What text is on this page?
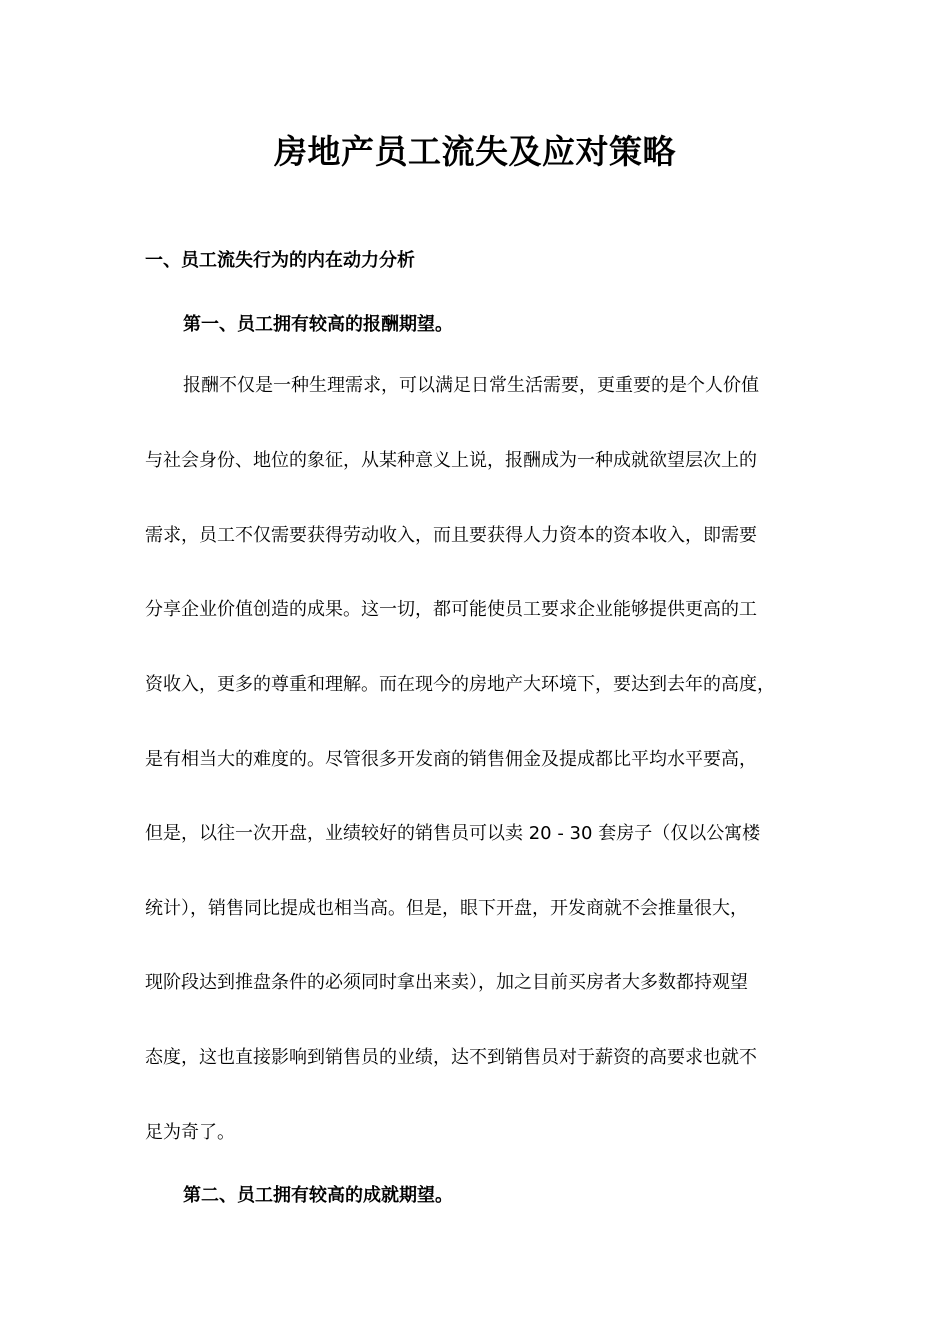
房地产员工流失及应对策略
一、员工流失行为的内在动力分析
第一、员工拥有较高的报酬期望。
报酬不仅是一种生理需求，可以满足日常生活需要，更重要的是个人价值
与社会身份、地位的象征，从某种意义上说，报酬成为一种成就欲望层次上的
需求，员工不仅需要获得劳动收入，而且要获得人力资本的资本收入，即需要
分享企业价值创造的成果。这一切，都可能使员工要求企业能够提供更高的工
资收入，更多的尊重和理解。而在现今的房地产大环境下，要达到去年的高度，
是有相当大的难度的。尽管很多开发商的销售佣金及提成都比平均水平要高，
但是，以往一次开盘，业绩较好的销售员可以卖 20 - 30 套房子（仅以公寓楼
统计），销售同比提成也相当高。但是，眼下开盘，开发商就不会推量很大，
现阶段达到推盘条件的必须同时拿出来卖），加之目前买房者大多数都持观望
态度，这也直接影响到销售员的业绩，达不到销售员对于薪资的高要求也就不
足为奇了。
第二、员工拥有较高的成就期望。
